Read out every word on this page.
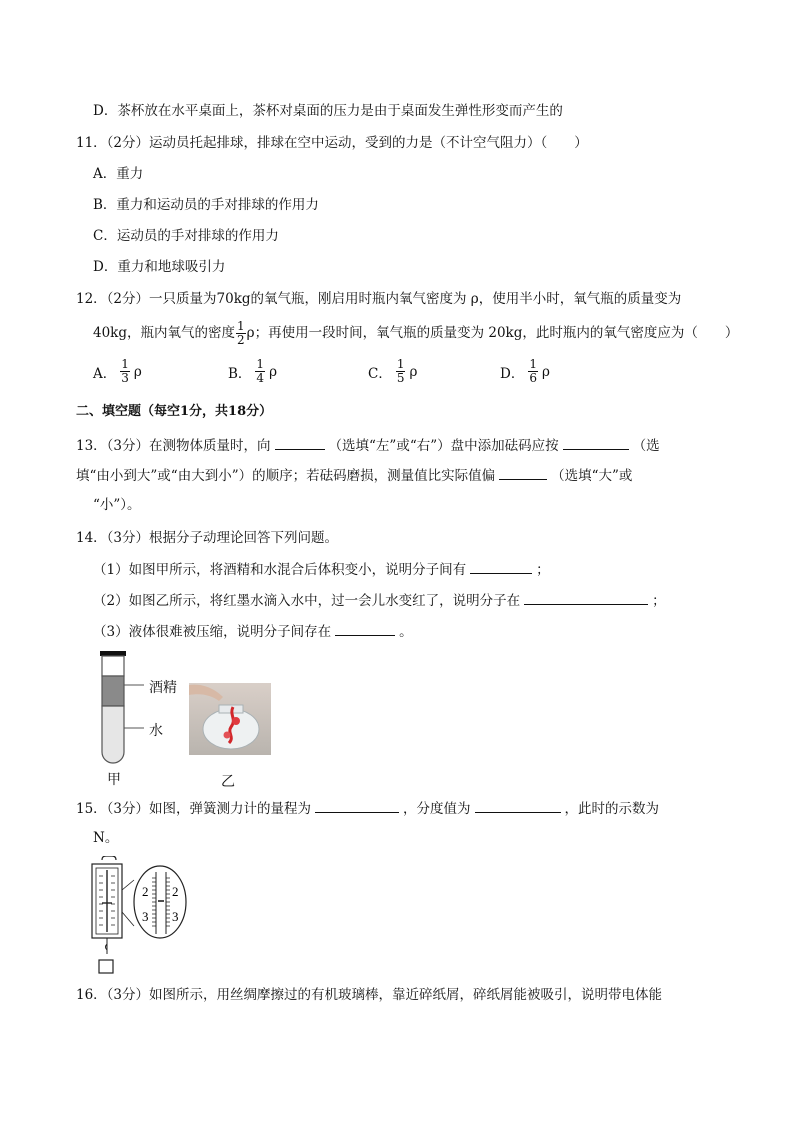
D．茶杯放在水平桌面上，茶杯对桌面的压力是由于桌面发生弹性形变而产生的
11．（2分）运动员托起排球，排球在空中运动，受到的力是（不计空气阻力）（　　）
A．重力
B．重力和运动员的手对排球的作用力
C．运动员的手对排球的作用力
D．重力和地球吸引力
12．（2分）一只质量为70kg的氧气瓶，刚启用时瓶内氧气密度为 ρ，使用半小时，氧气瓶的质量变为
40kg，瓶内氧气的密度 $\frac{1}{2}$ ρ；再使用一段时间，氧气瓶的质量变为 20kg，此时瓶内的氧气密度应为（　　）
A． $\frac{1}{3}$ ρ	B． $\frac{1}{4}$ ρ	C． $\frac{1}{5}$ ρ	D． $\frac{1}{6}$ ρ
二、填空题（每空1分，共18分）
13．（3分）在测物体质量时，向	（选填“左”或“右”）盘中添加砝码应按	（选
填“由小到大”或“由大到小”）的顺序；若砝码磨损，测量值比实际值偏	（选填“大”或
“小”）。
14．（3分）根据分子动理论回答下列问题。
（1）如图甲所示，将酒精和水混合后体积变小，说明分子间有	；
（2）如图乙所示，将红墨水滴入水中，过一会儿水变红了，说明分子在	；
（3）液体很难被压缩，说明分子间存在	。
酒精
水
甲	乙
15．（3分）如图，弹簧测力计的量程为	，分度值为	，此时的示数为
N。
2
3
2
3
16．（3分）如图所示，用丝绸摩擦过的有机玻璃棒，靠近碎纸屑，碎纸屑能被吸引，说明带电体能
